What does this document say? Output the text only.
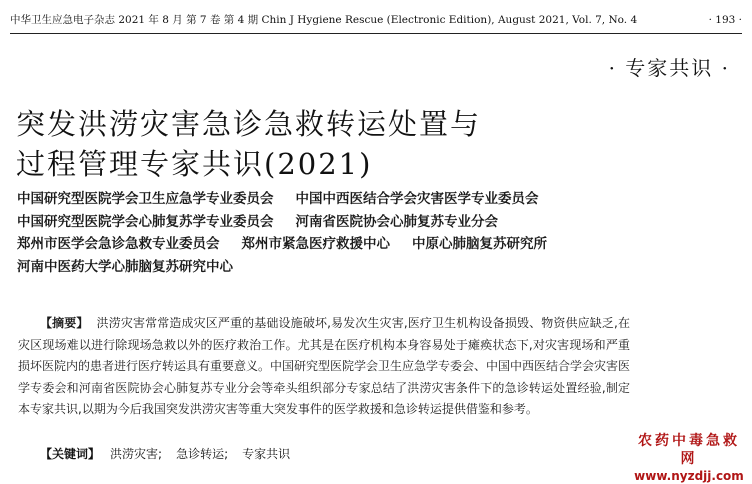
中华卫生应急电子杂志 2021 年 8 月 第 7 卷 第 4 期 Chin J Hygiene Rescue (Electronic Edition), August 2021, Vol. 7, No. 4	· 193 ·
· 专家共识 ·
突发洪涝灾害急诊急救转运处置与
过程管理专家共识(2021)
中国研究型医院学会卫生应急学专业委员会 中国中西医结合学会灾害医学专业委员会
中国研究型医院学会心肺复苏学专业委员会 河南省医院协会心肺复苏专业分会
郑州市医学会急诊急救专业委员会 郑州市紧急医疗救援中心 中原心肺脑复苏研究所
河南中医药大学心肺脑复苏研究中心
【摘要】 洪涝灾害常常造成灾区严重的基础设施破坏,易发次生灾害,医疗卫生机构设备损毁、物资供应缺乏,在灾区现场难以进行除现场急救以外的医疗救治工作。尤其是在医疗机构本身容易处于瘫痪状态下,对灾害现场和严重损坏医院内的患者进行医疗转运具有重要意义。中国研究型医院学会卫生应急学专委会、中国中西医结合学会灾害医学专委会和河南省医院协会心肺复苏专业分会等牵头组织部分专家总结了洪涝灾害条件下的急诊转运处置经验,制定本专家共识,以期为今后我国突发洪涝灾害等重大突发事件的医学救援和急诊转运提供借鉴和参考。
【关键词】 洪涝灾害; 急诊转运; 专家共识
农药中毒急救网
www.nyzdjj.com
